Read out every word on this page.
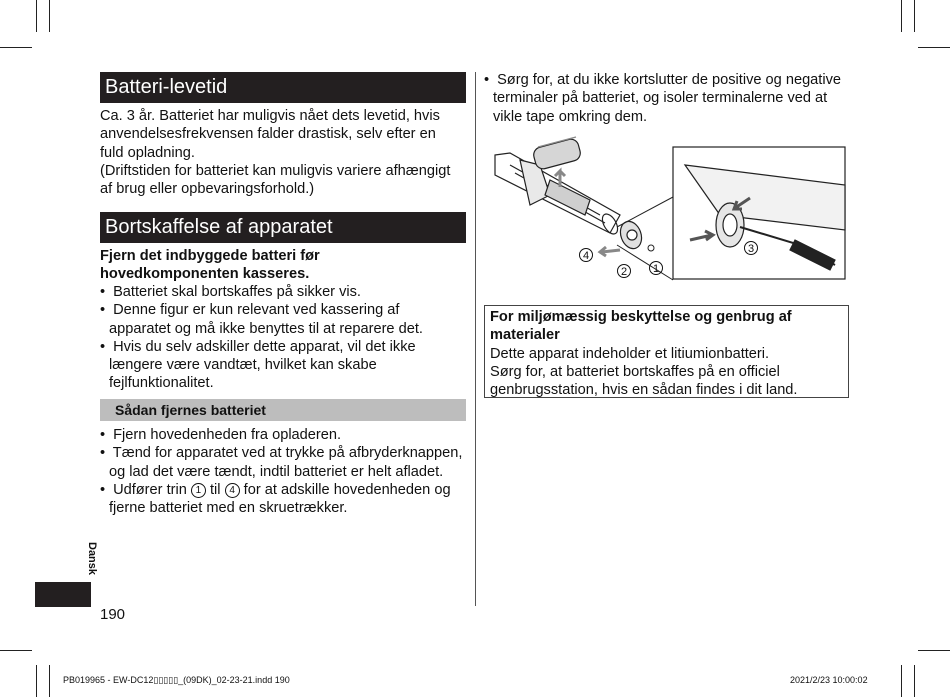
Batteri-levetid
Ca. 3 år. Batteriet har muligvis nået dets levetid, hvis
anvendelsesfrekvensen falder drastisk, selv efter en
fuld opladning.
(Driftstiden for batteriet kan muligvis variere afhængigt
af brug eller opbevaringsforhold.)
Bortskaffelse af apparatet
Fjern det indbyggede batteri før
hovedkomponenten kasseres.
• Batteriet skal bortskaffes på sikker vis.
• Denne figur er kun relevant ved kassering af
apparatet og må ikke benyttes til at reparere det.
• Hvis du selv adskiller dette apparat, vil det ikke
længere være vandtæt, hvilket kan skabe
fejlfunktionalitet.
Sådan fjernes batteriet
• Fjern hovedenheden fra opladeren.
• Tænd for apparatet ved at trykke på afbryderknappen,
og lad det være tændt, indtil batteriet er helt afladet.
• Udfører trin 1 til 4 for at adskille hovedenheden og
fjerne batteriet med en skruetrækker.
• Sørg for, at du ikke kortslutter de positive og negative
terminaler på batteriet, og isoler terminalerne ved at
vikle tape omkring dem.
4
2 1
3
For miljømæssig beskyttelse og genbrug af
materialer
Dette apparat indeholder et litiumionbatteri.
Sørg for, at batteriet bortskaffes på en officiel
genbrugsstation, hvis en sådan findes i dit land.
Dansk
190
PB019965 - EW-DC12▯▯▯▯▯_(09DK)_02-23-21.indd 190	2021/2/23 10:00:02
